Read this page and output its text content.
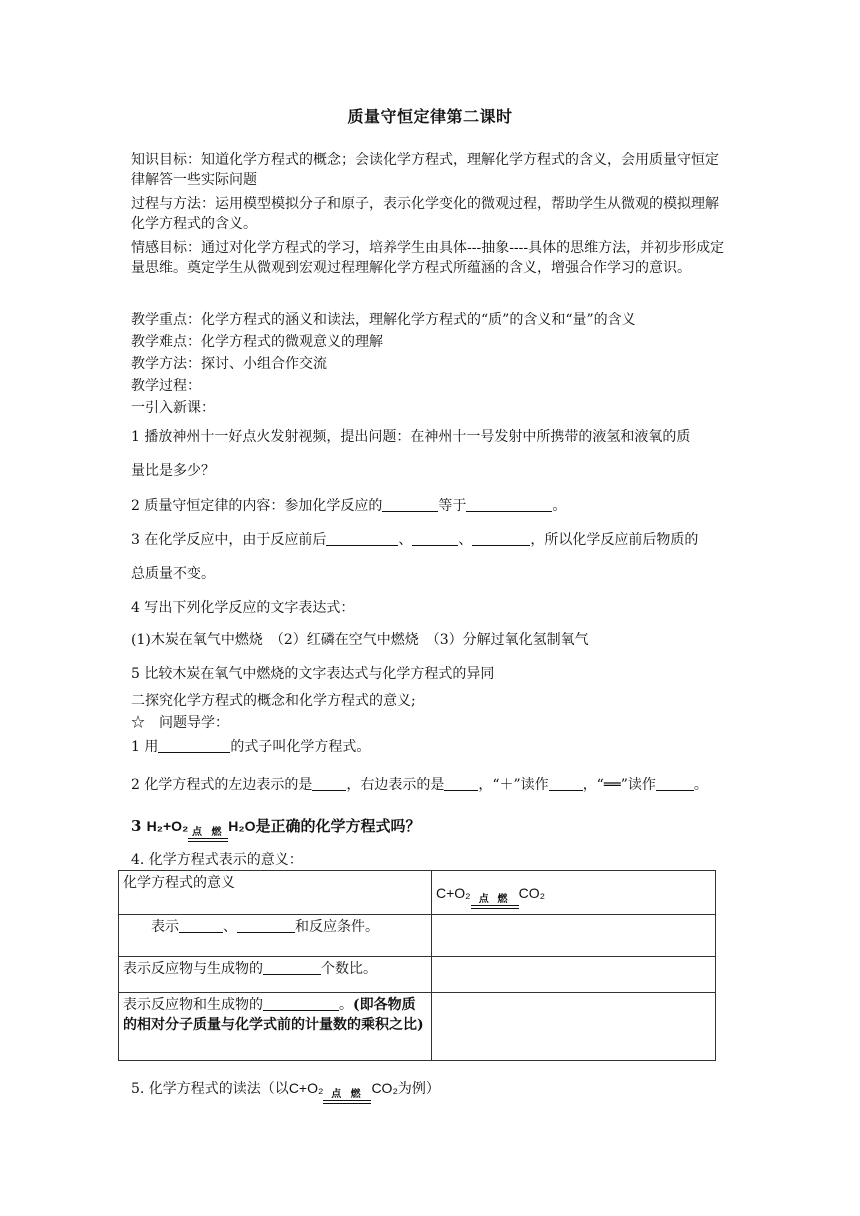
质量守恒定律第二课时
知识目标：知道化学方程式的概念；会读化学方程式，理解化学方程式的含义，会用质量守恒定律解答一些实际问题
过程与方法：运用模型模拟分子和原子，表示化学变化的微观过程，帮助学生从微观的模拟理解化学方程式的含义。
情感目标：通过对化学方程式的学习，培养学生由具体---抽象----具体的思维方法，并初步形成定量思维。奠定学生从微观到宏观过程理解化学方程式所蕴涵的含义，增强合作学习的意识。
教学重点：化学方程式的涵义和读法，理解化学方程式的“质”的含义和“量”的含义
教学难点：化学方程式的微观意义的理解
教学方法：探讨、小组合作交流
教学过程：
一引入新课：
1 播放神州十一好点火发射视频，提出问题：在神州十一号发射中所携带的液氢和液氧的质
量比是多少？
2 质量守恒定律的内容：参加化学反应的	等于	。
3 在化学反应中，由于反应前后	、	、	，所以化学反应前后物质的
总质量不变。
4 写出下列化学反应的文字表达式：
(1)木炭在氧气中燃烧　（2）红磷在空气中燃烧　（3）分解过氧化氢制氧气
5 比较木炭在氧气中燃烧的文字表达式与化学方程式的异同
二探究化学方程式的概念和化学方程式的意义;
☆　问题导学：
1 用	的式子叫化学方程式。
2 化学方程式的左边表示的是 ，右边表示的是 ，“＋”读作 ，“══”读作	。
3 H₂+O₂ 点 燃 H₂O是正确的化学方程式吗？
4. 化学方程式表示的意义：
化学方程式的意义	C+O₂ 点 燃 CO₂

表示 、 和反应条件。	
表示反应物与生成物的 个数比。	
表示反应物和生成物的 。(即各物质的相对分子质量与化学式前的计量数的乘积之比)	
5. 化学方程式的读法（以C+O₂ 点 燃 CO₂为例）
